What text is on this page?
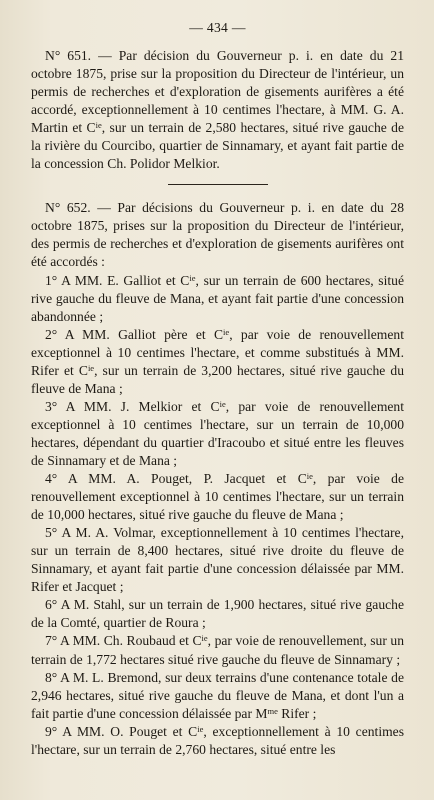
— 434 —

N° 651. — Par décision du Gouverneur p. i. en date du 21 octobre 1875, prise sur la proposition du Directeur de l'intérieur, un permis de recherches et d'exploration de gisements aurifères a été accordé, exceptionnellement à 10 centimes l'hectare, à MM. G. A. Martin et $C^{ie}$, sur un terrain de 2,580 hectares, situé rive gauche de la rivière du Courcibo, quartier de Sinnamary, et ayant fait partie de la concession Ch. Polidor Melkior.

N° 652. — Par décisions du Gouverneur p. i. en date du 28 octobre 1875, prises sur la proposition du Directeur de l'intérieur, des permis de recherches et d'exploration de gisements aurifères ont été accordés :

1° A MM. E. Galliot et $C^{ie}$, sur un terrain de 600 hectares, situé rive gauche du fleuve de Mana, et ayant fait partie d'une concession abandonnée ;

2° A MM. Galliot père et $C^{ie}$, par voie de renouvellement exceptionnel à 10 centimes l'hectare, et comme substitués à MM. Rifer et $C^{ie}$, sur un terrain de 3,200 hectares, situé rive gauche du fleuve de Mana ;

3° A MM. J. Melkior et $C^{ie}$, par voie de renouvellement exceptionnel à 10 centimes l'hectare, sur un terrain de 10,000 hectares, dépendant du quartier d'Iracoubo et situé entre les fleuves de Sinnamary et de Mana ;

4° A MM. A. Pouget, P. Jacquet et $C^{ie}$, par voie de renouvellement exceptionnel à 10 centimes l'hectare, sur un terrain de 10,000 hectares, situé rive gauche du fleuve de Mana ;

5° A M. A. Volmar, exceptionnellement à 10 centimes l'hectare, sur un terrain de 8,400 hectares, situé rive droite du fleuve de Sinnamary, et ayant fait partie d'une concession délaissée par MM. Rifer et Jacquet ;

6° A M. Stahl, sur un terrain de 1,900 hectares, situé rive gauche de la Comté, quartier de Roura ;

7° A MM. Ch. Roubaud et $C^{ie}$, par voie de renouvellement, sur un terrain de 1,772 hectares situé rive gauche du fleuve de Sinnamary ;

8° A M. L. Bremond, sur deux terrains d'une contenance totale de 2,946 hectares, situé rive gauche du fleuve de Mana, et dont l'un a fait partie d'une concession délaissée par $M^{me}$ Rifer ;

9° A MM. O. Pouget et $C^{ie}$, exceptionnellement à 10 centimes l'hectare, sur un terrain de 2,760 hectares, situé entre les
